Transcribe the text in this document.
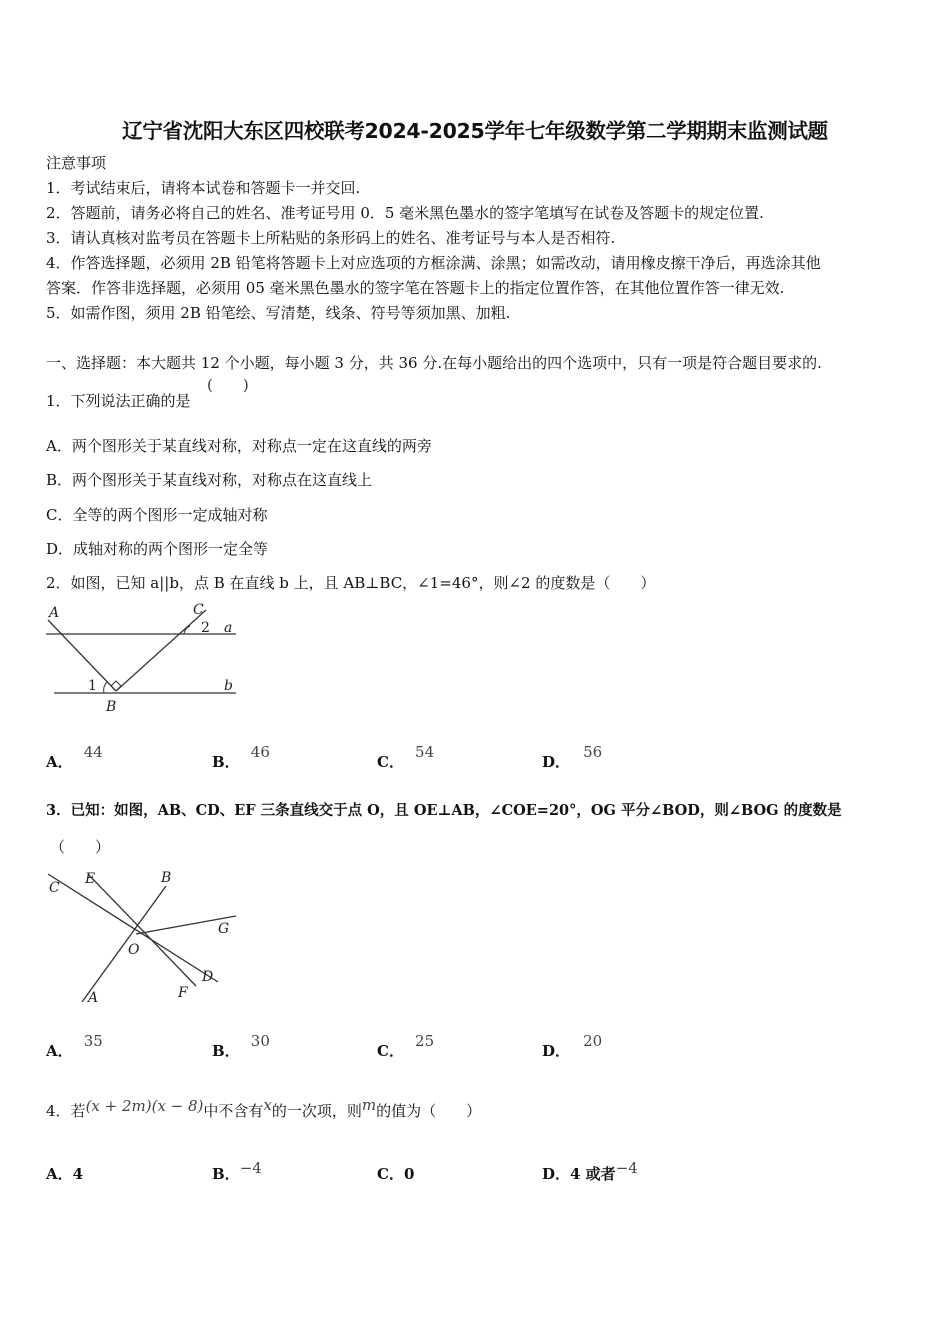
辽宁省沈阳大东区四校联考2024-2025学年七年级数学第二学期期末监测试题
注意事项
1．考试结束后，请将本试卷和答题卡一并交回.
2．答题前，请务必将自己的姓名、准考证号用 0．5 毫米黑色墨水的签字笔填写在试卷及答题卡的规定位置.
3．请认真核对监考员在答题卡上所粘贴的条形码上的姓名、准考证号与本人是否相符.
4．作答选择题，必须用 2B 铅笔将答题卡上对应选项的方框涂满、涂黑；如需改动，请用橡皮擦干净后，再选涂其他
答案．作答非选择题，必须用 05 毫米黑色墨水的签字笔在答题卡上的指定位置作答，在其他位置作答一律无效.
5．如需作图，须用 2B 铅笔绘、写清楚，线条、符号等须加黑、加粗.
一、选择题：本大题共 12 个小题，每小题 3 分，共 36 分.在每小题给出的四个选项中，只有一项是符合题目要求的.
1．下列说法正确的是
(　　)
A．两个图形关于某直线对称，对称点一定在这直线的两旁
B．两个图形关于某直线对称，对称点在这直线上
C．全等的两个图形一定成轴对称
D．成轴对称的两个图形一定全等
2．如图，已知 a||b，点 B 在直线 b 上，且 AB⊥BC，∠1=46°，则∠2 的度数是（　　）
A	C
2 a
1
B
b
A． 44
B． 46
C． 54
D． 56
3．已知：如图，AB、CD、EF 三条直线交于点 O，且 OE⊥AB，∠COE=20°，OG 平分∠BOD，则∠BOG 的度数是
（　　）
C
E	B
G
O
D
F
A
A． 35
B． 30
C． 25
D． 20
4．若(x + 2m)(x − 8)中不含有x的一次项，则m的值为（　　）
A．4	B．−4	C．0	D．4 或者−4
